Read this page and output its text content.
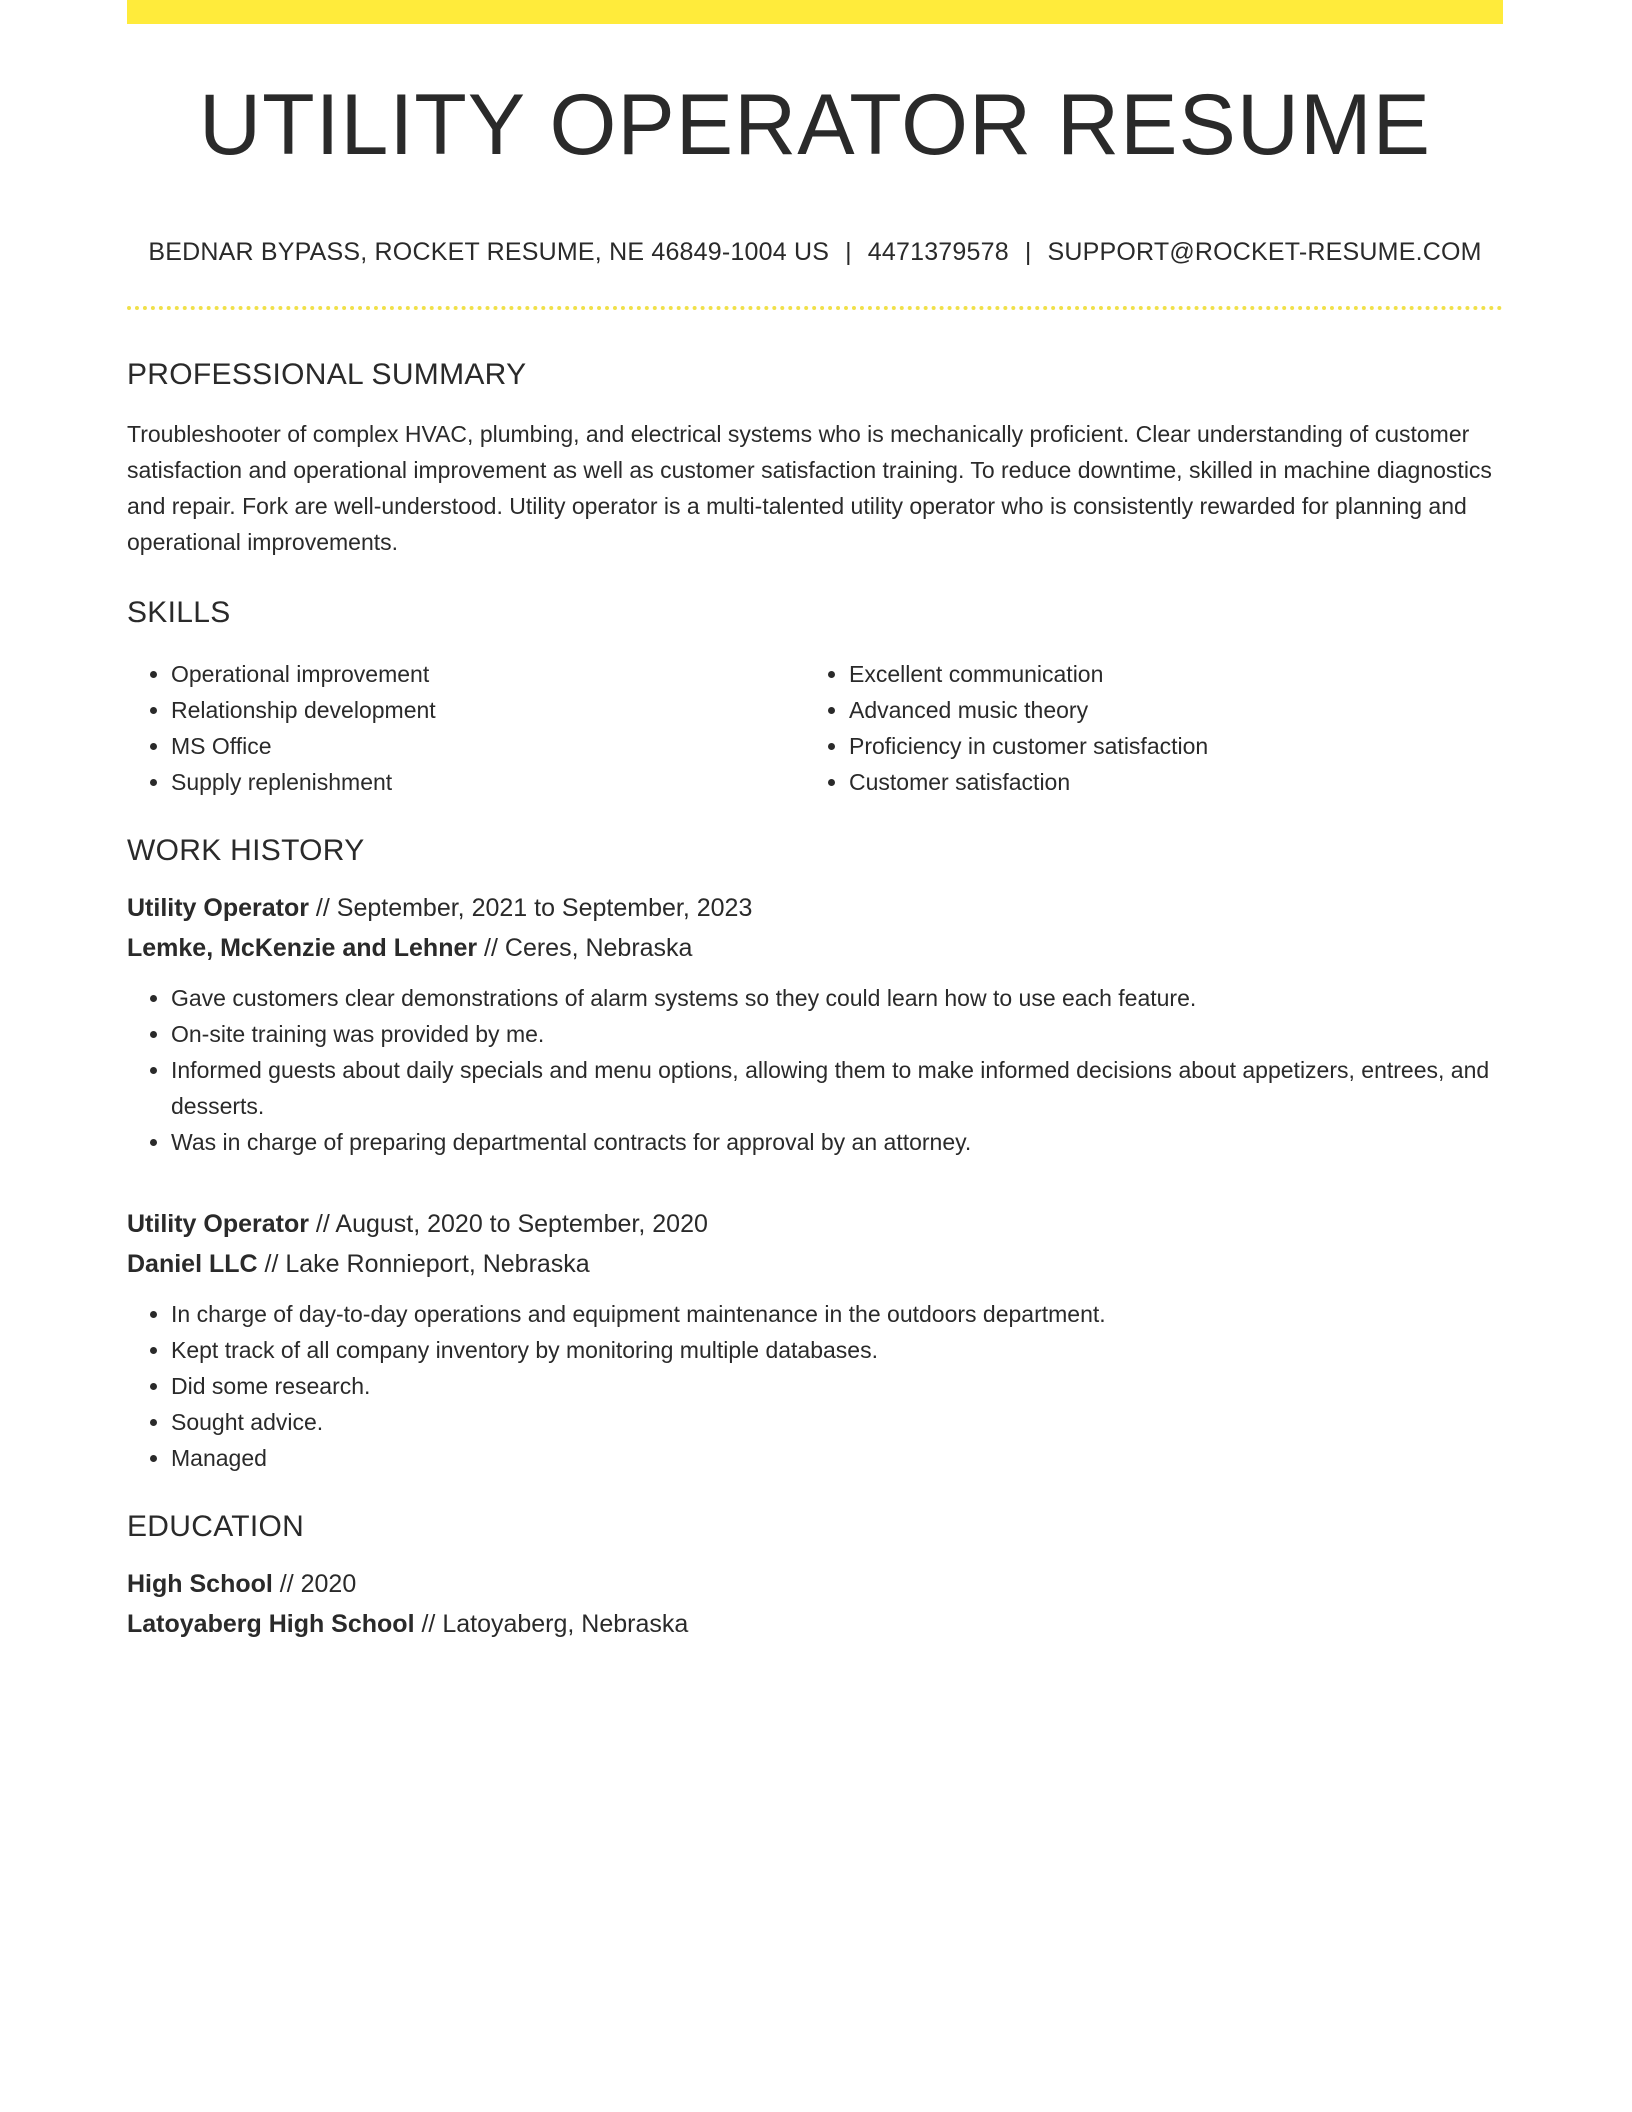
UTILITY OPERATOR RESUME
BEDNAR BYPASS, ROCKET RESUME, NE 46849-1004 US | 4471379578 | SUPPORT@ROCKET-RESUME.COM
PROFESSIONAL SUMMARY
Troubleshooter of complex HVAC, plumbing, and electrical systems who is mechanically proficient. Clear understanding of customer satisfaction and operational improvement as well as customer satisfaction training. To reduce downtime, skilled in machine diagnostics and repair. Fork are well-understood. Utility operator is a multi-talented utility operator who is consistently rewarded for planning and operational improvements.
SKILLS
• Operational improvement
• Relationship development
• MS Office
• Supply replenishment
• Excellent communication
• Advanced music theory
• Proficiency in customer satisfaction
• Customer satisfaction
WORK HISTORY
Utility Operator // September, 2021 to September, 2023
Lemke, McKenzie and Lehner // Ceres, Nebraska
• Gave customers clear demonstrations of alarm systems so they could learn how to use each feature.
• On-site training was provided by me.
• Informed guests about daily specials and menu options, allowing them to make informed decisions about appetizers, entrees, and desserts.
• Was in charge of preparing departmental contracts for approval by an attorney.
Utility Operator // August, 2020 to September, 2020
Daniel LLC // Lake Ronnieport, Nebraska
• In charge of day-to-day operations and equipment maintenance in the outdoors department.
• Kept track of all company inventory by monitoring multiple databases.
• Did some research.
• Sought advice.
• Managed
EDUCATION
High School // 2020
Latoyaberg High School // Latoyaberg, Nebraska
